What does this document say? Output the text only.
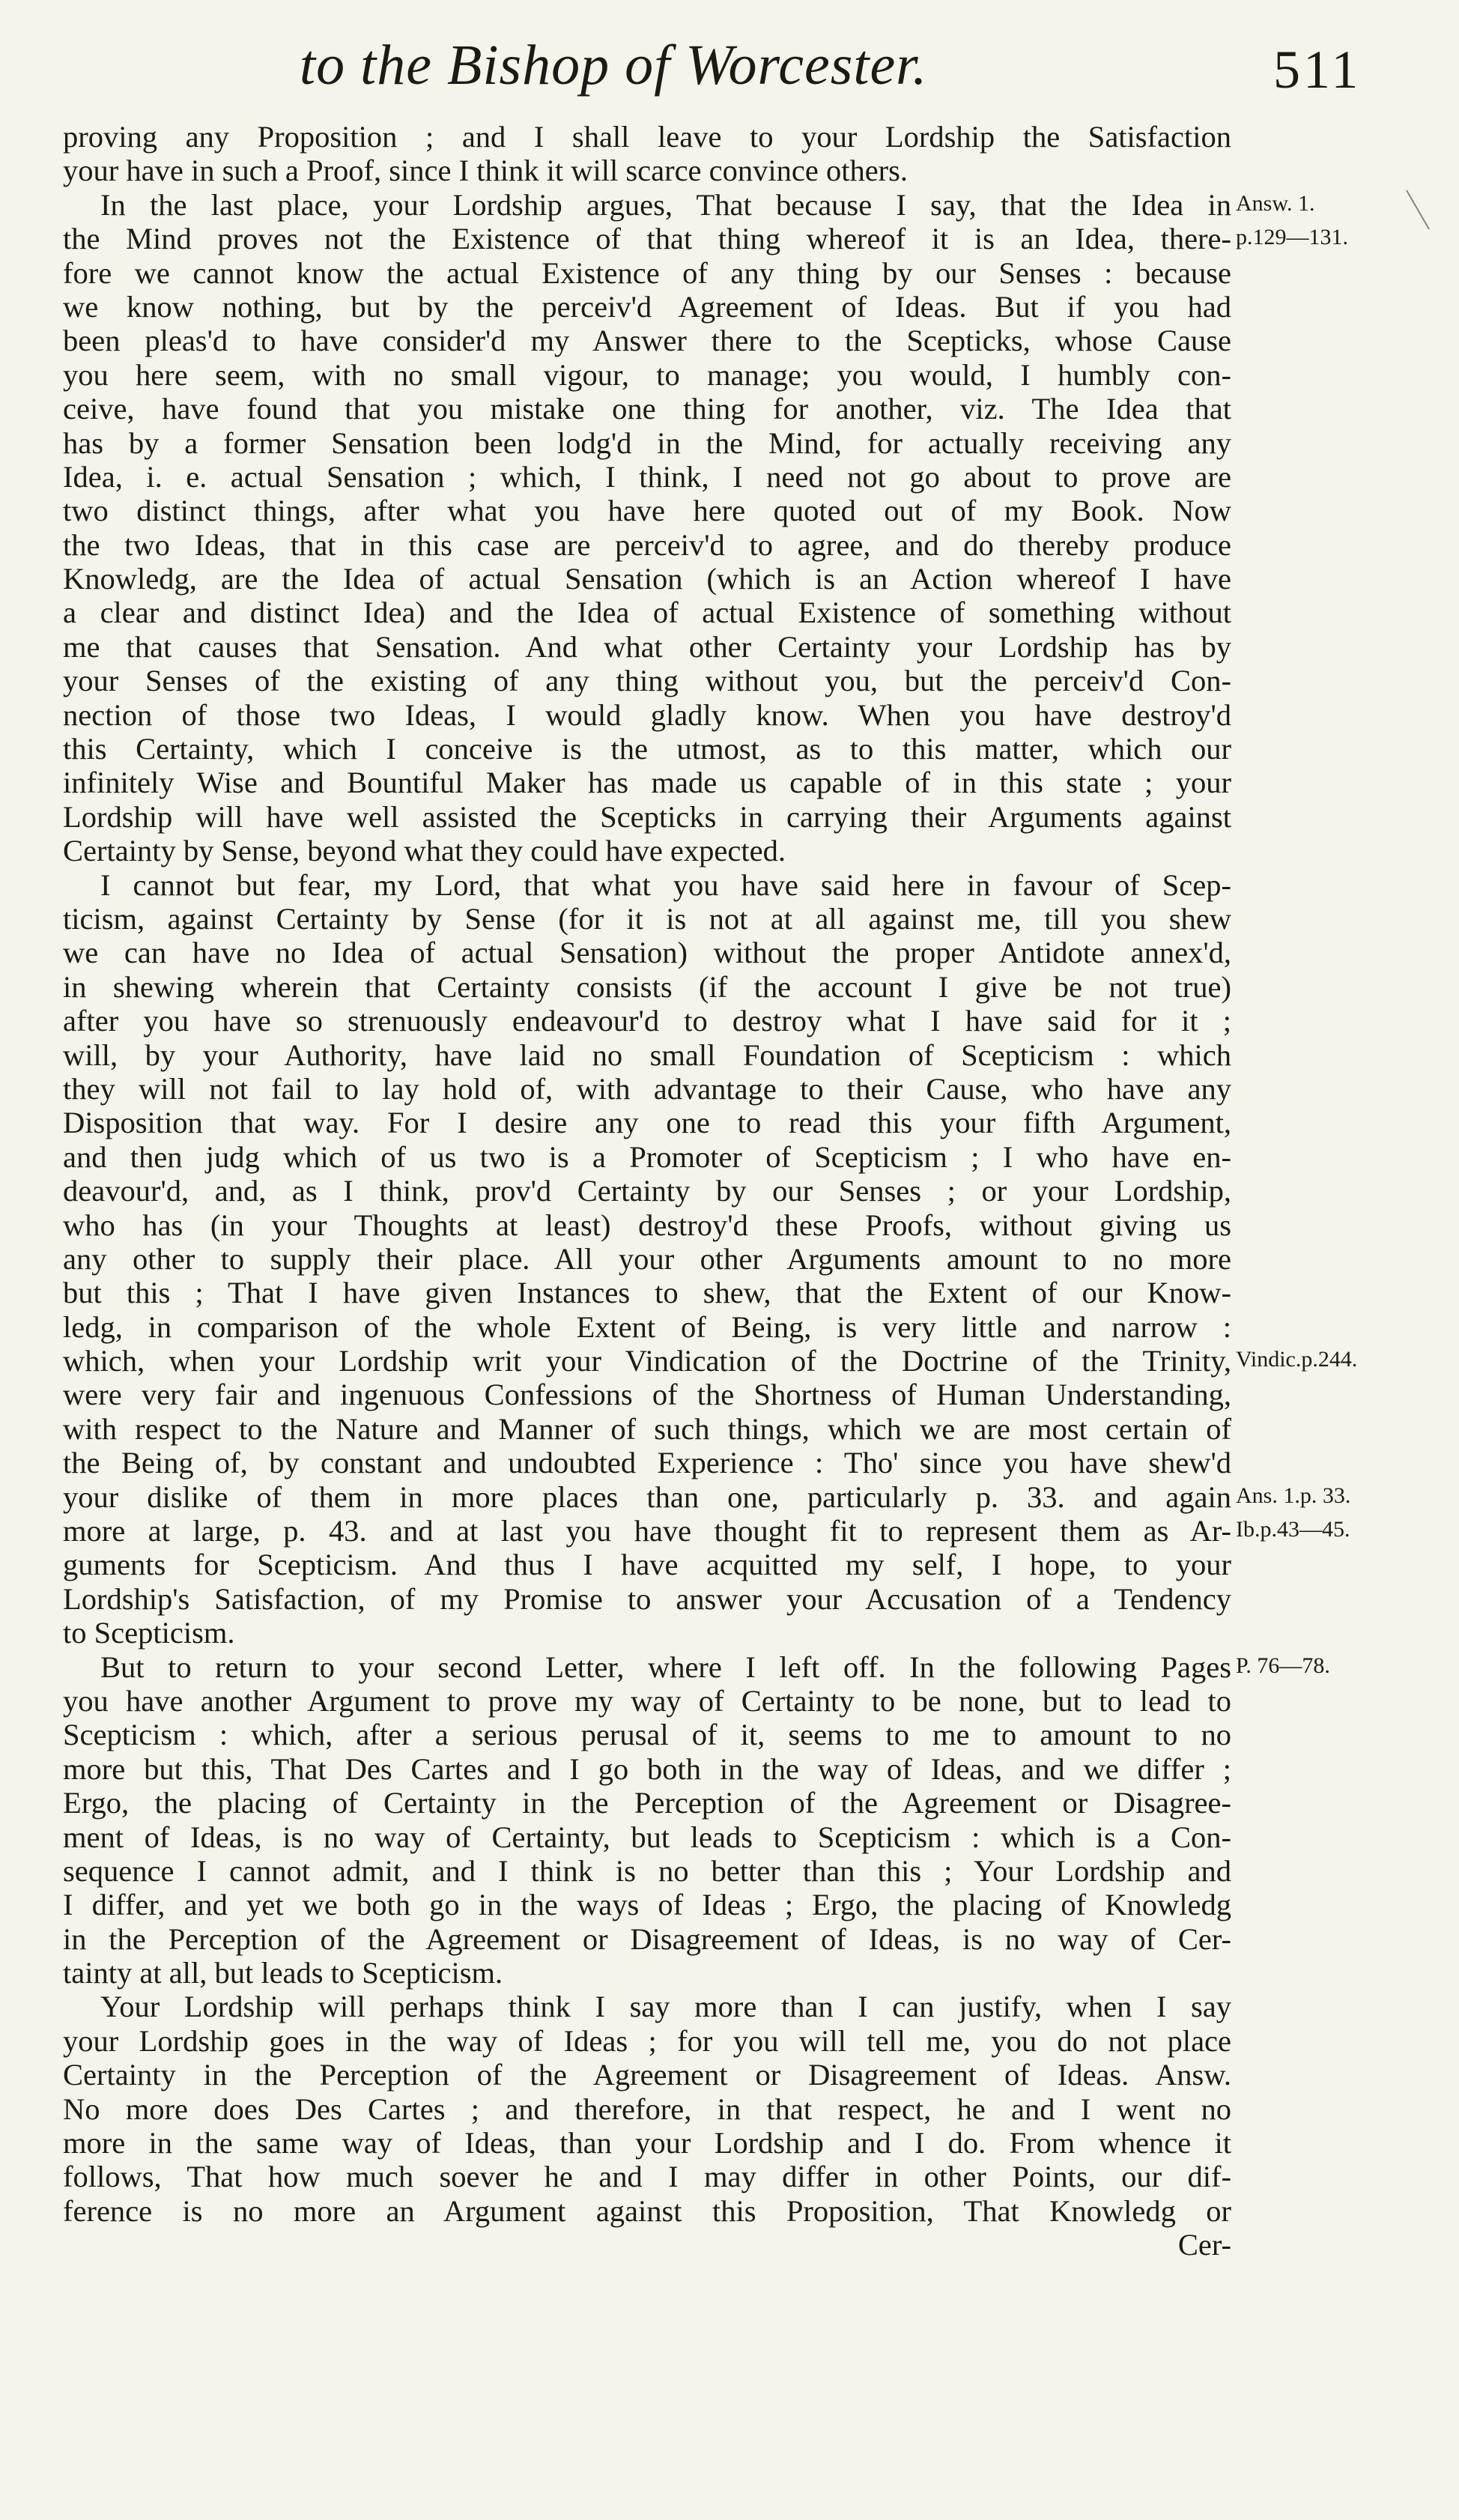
to the Bishop of Worcester.	511
proving any Proposition ; and I shall leave to your Lordship the Satisfaction
your have in such a Proof, since I think it will scarce convince others.
In the last place, your Lordship argues, That because I say, that the Idea in
the Mind proves not the Existence of that thing whereof it is an Idea, there-
fore we cannot know the actual Existence of any thing by our Senses : because
we know nothing, but by the perceiv'd Agreement of Ideas. But if you had
been pleas'd to have consider'd my Answer there to the Scepticks, whose Cause
you here seem, with no small vigour, to manage; you would, I humbly con-
ceive, have found that you mistake one thing for another, viz. The Idea that
has by a former Sensation been lodg'd in the Mind, for actually receiving any
Idea, i. e. actual Sensation ; which, I think, I need not go about to prove are
two distinct things, after what you have here quoted out of my Book. Now
the two Ideas, that in this case are perceiv'd to agree, and do thereby produce
Knowledg, are the Idea of actual Sensation (which is an Action whereof I have
a clear and distinct Idea) and the Idea of actual Existence of something without
me that causes that Sensation. And what other Certainty your Lordship has by
your Senses of the existing of any thing without you, but the perceiv'd Con-
nection of those two Ideas, I would gladly know. When you have destroy'd
this Certainty, which I conceive is the utmost, as to this matter, which our
infinitely Wise and Bountiful Maker has made us capable of in this state ; your
Lordship will have well assisted the Scepticks in carrying their Arguments against
Certainty by Sense, beyond what they could have expected.
I cannot but fear, my Lord, that what you have said here in favour of Scep-
ticism, against Certainty by Sense (for it is not at all against me, till you shew
we can have no Idea of actual Sensation) without the proper Antidote annex'd,
in shewing wherein that Certainty consists (if the account I give be not true)
after you have so strenuously endeavour'd to destroy what I have said for it ;
will, by your Authority, have laid no small Foundation of Scepticism : which
they will not fail to lay hold of, with advantage to their Cause, who have any
Disposition that way. For I desire any one to read this your fifth Argument,
and then judg which of us two is a Promoter of Scepticism ; I who have en-
deavour'd, and, as I think, prov'd Certainty by our Senses ; or your Lordship,
who has (in your Thoughts at least) destroy'd these Proofs, without giving us
any other to supply their place. All your other Arguments amount to no more
but this ; That I have given Instances to shew, that the Extent of our Know-
ledg, in comparison of the whole Extent of Being, is very little and narrow :
which, when your Lordship writ your Vindication of the Doctrine of the Trinity,
were very fair and ingenuous Confessions of the Shortness of Human Understanding,
with respect to the Nature and Manner of such things, which we are most certain of
the Being of, by constant and undoubted Experience : Tho' since you have shew'd
your dislike of them in more places than one, particularly p. 33. and again
more at large, p. 43. and at last you have thought fit to represent them as Ar-
guments for Scepticism. And thus I have acquitted my self, I hope, to your
Lordship's Satisfaction, of my Promise to answer your Accusation of a Tendency
to Scepticism.
But to return to your second Letter, where I left off. In the following Pages
you have another Argument to prove my way of Certainty to be none, but to lead to
Scepticism : which, after a serious perusal of it, seems to me to amount to no
more but this, That Des Cartes and I go both in the way of Ideas, and we differ ;
Ergo, the placing of Certainty in the Perception of the Agreement or Disagree-
ment of Ideas, is no way of Certainty, but leads to Scepticism : which is a Con-
sequence I cannot admit, and I think is no better than this ; Your Lordship and
I differ, and yet we both go in the ways of Ideas ; Ergo, the placing of Knowledg
in the Perception of the Agreement or Disagreement of Ideas, is no way of Cer-
tainty at all, but leads to Scepticism.
Your Lordship will perhaps think I say more than I can justify, when I say
your Lordship goes in the way of Ideas ; for you will tell me, you do not place
Certainty in the Perception of the Agreement or Disagreement of Ideas. Answ.
No more does Des Cartes ; and therefore, in that respect, he and I went no
more in the same way of Ideas, than your Lordship and I do. From whence it
follows, That how much soever he and I may differ in other Points, our dif-
ference is no more an Argument against this Proposition, That Knowledg or
Cer-
Answ. 1.
p.129—131.
Vindic.p.244.
Ans. 1.p. 33.
Ib.p.43—45.
P. 76—78.
